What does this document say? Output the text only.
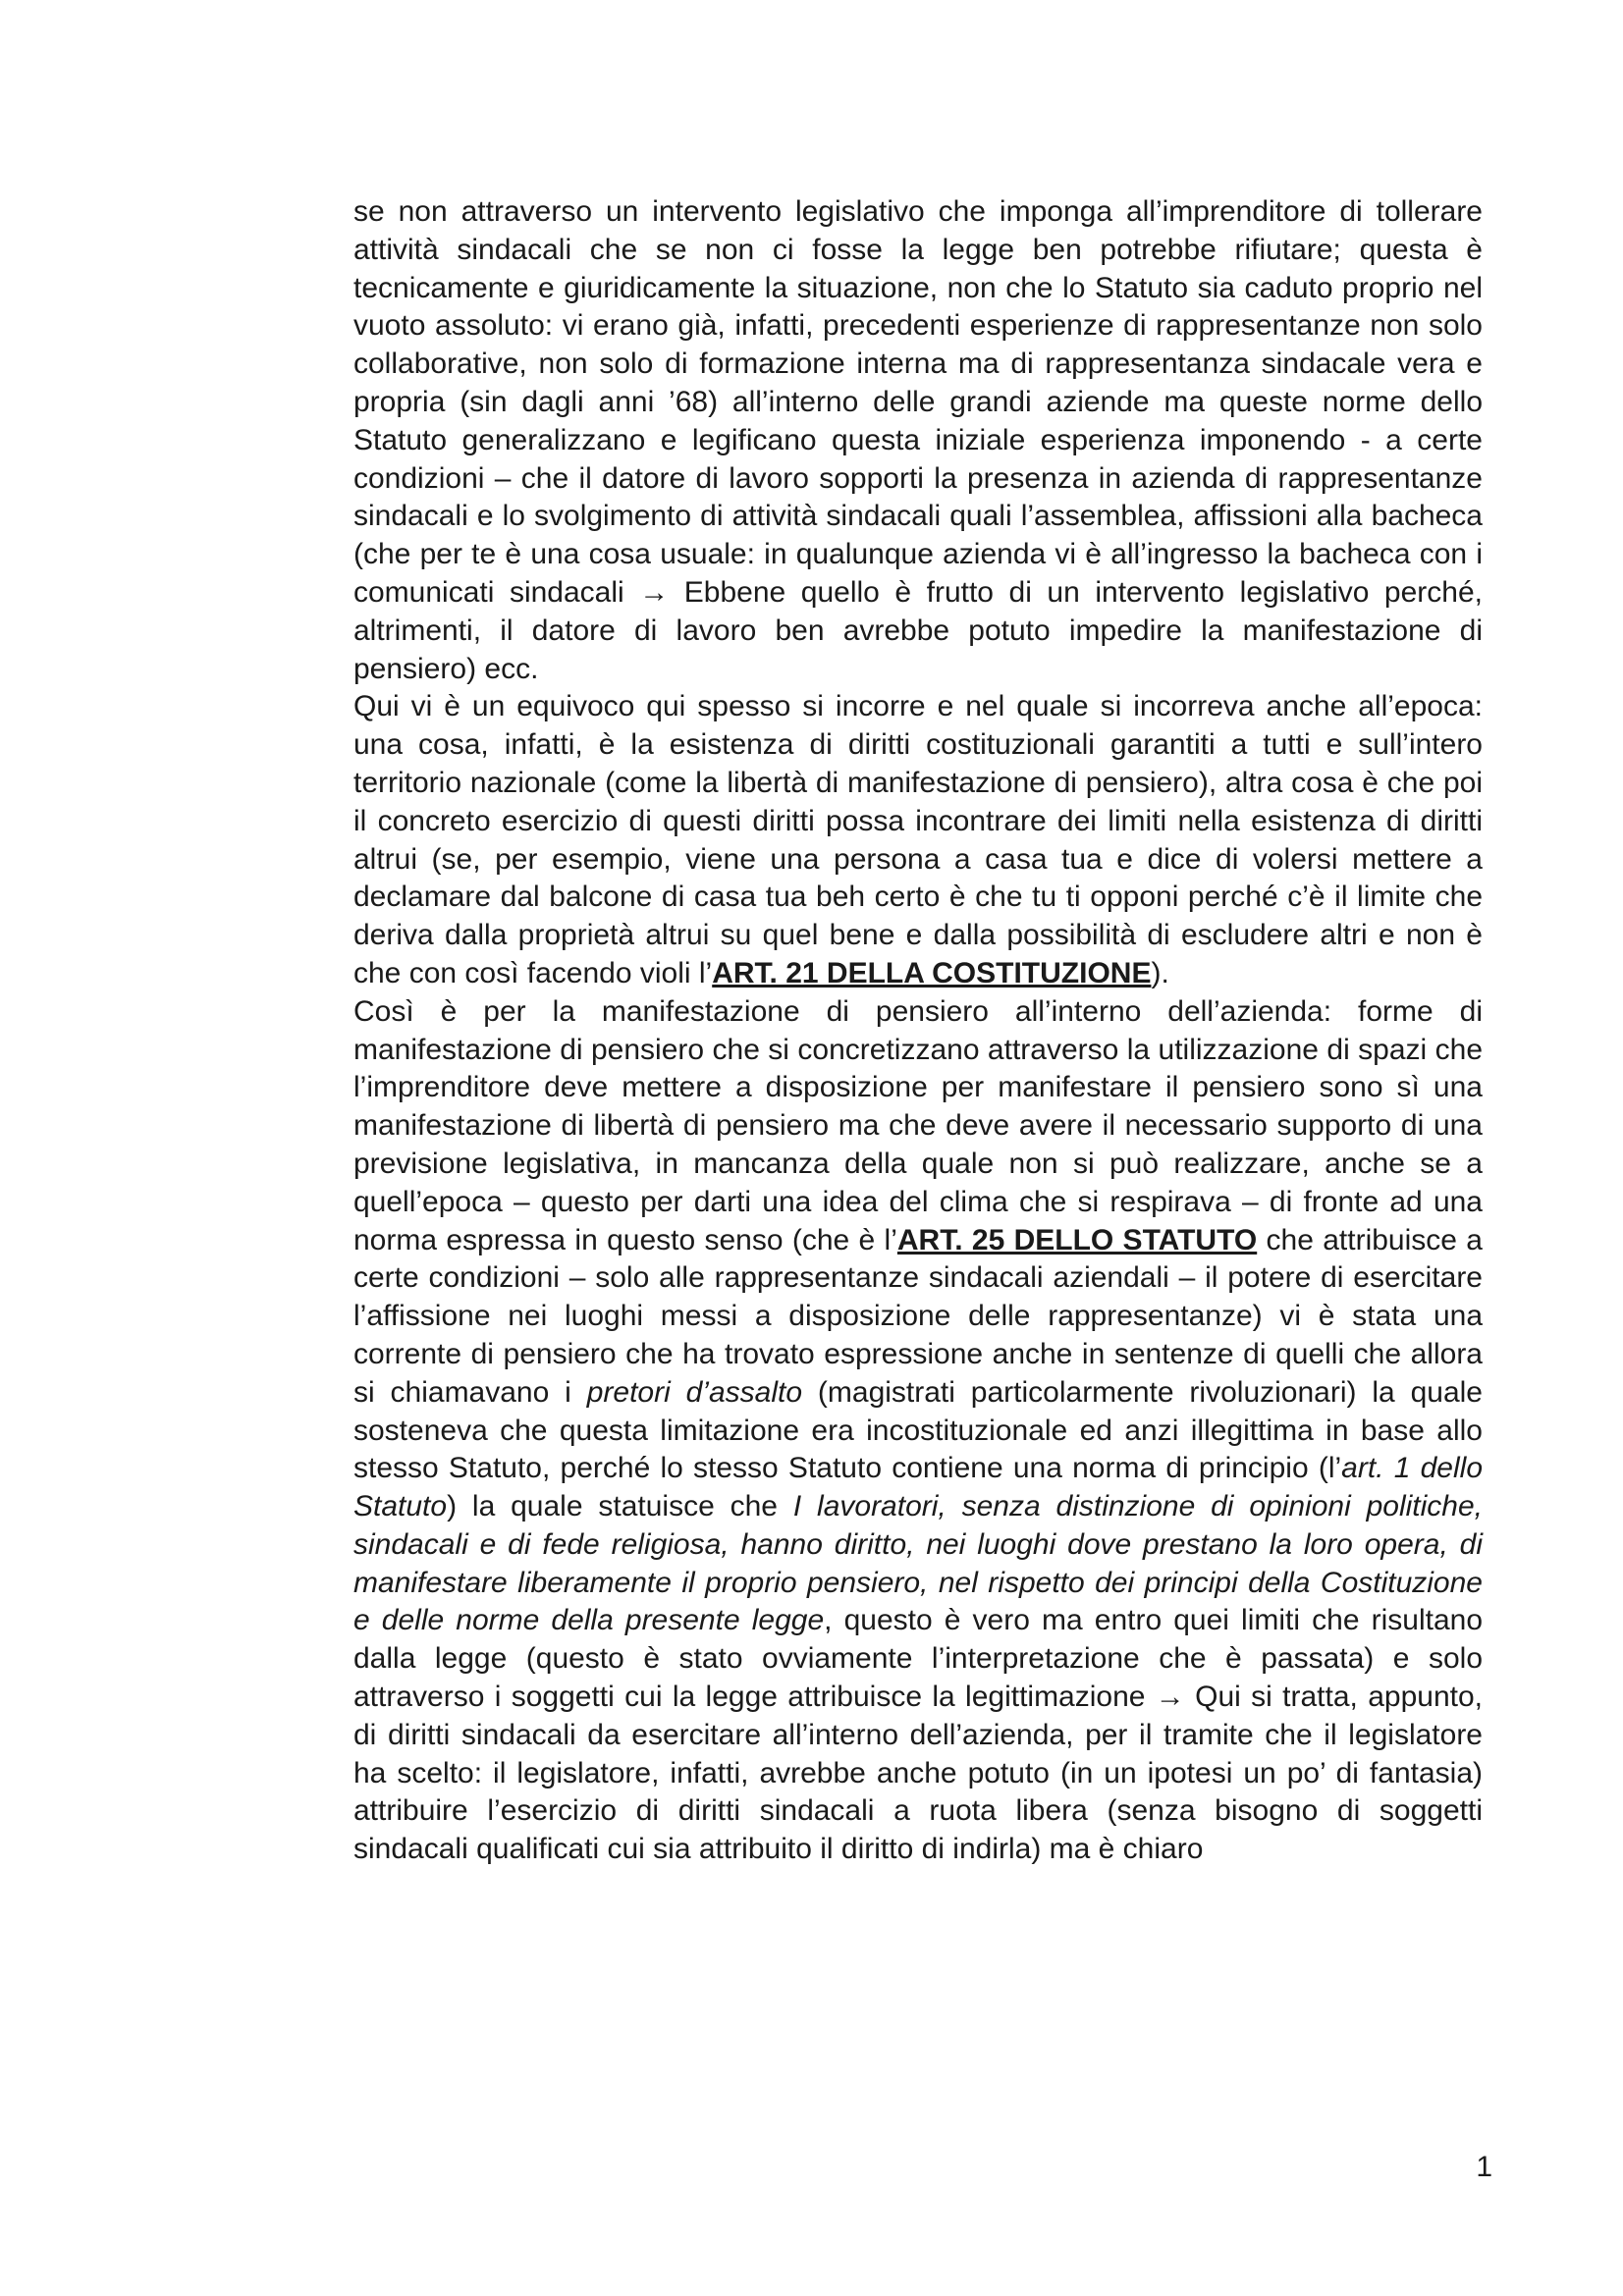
se non attraverso un intervento legislativo che imponga all’imprenditore di tollerare attività sindacali che se non ci fosse la legge ben potrebbe rifiutare; questa è tecnicamente e giuridicamente la situazione, non che lo Statuto sia caduto proprio nel vuoto assoluto: vi erano già, infatti, precedenti esperienze di rappresentanze non solo collaborative, non solo di formazione interna ma di rappresentanza sindacale vera e propria (sin dagli anni ’68) all’interno delle grandi aziende ma queste norme dello Statuto generalizzano e legificano questa iniziale esperienza imponendo - a certe condizioni – che il datore di lavoro sopporti la presenza in azienda di rappresentanze sindacali e lo svolgimento di attività sindacali quali l’assemblea, affissioni alla bacheca (che per te è una cosa usuale: in qualunque azienda vi è all’ingresso la bacheca con i comunicati sindacali → Ebbene quello è frutto di un intervento legislativo perché, altrimenti, il datore di lavoro ben avrebbe potuto impedire la manifestazione di pensiero) ecc.

Qui vi è un equivoco qui spesso si incorre e nel quale si incorreva anche all’epoca: una cosa, infatti, è la esistenza di diritti costituzionali garantiti a tutti e sull’intero territorio nazionale (come la libertà di manifestazione di pensiero), altra cosa è che poi il concreto esercizio di questi diritti possa incontrare dei limiti nella esistenza di diritti altrui (se, per esempio, viene una persona a casa tua e dice di volersi mettere a declamare dal balcone di casa tua beh certo è che tu ti opponi perché c’è il limite che deriva dalla proprietà altrui su quel bene e dalla possibilità di escludere altri e non è che con così facendo violi l’ART. 21 DELLA COSTITUZIONE).

Così è per la manifestazione di pensiero all’interno dell’azienda: forme di manifestazione di pensiero che si concretizzano attraverso la utilizzazione di spazi che l’imprenditore deve mettere a disposizione per manifestare il pensiero sono sì una manifestazione di libertà di pensiero ma che deve avere il necessario supporto di una previsione legislativa, in mancanza della quale non si può realizzare, anche se a quell’epoca – questo per darti una idea del clima che si respirava – di fronte ad una norma espressa in questo senso (che è l’ART. 25 DELLO STATUTO che attribuisce a certe condizioni – solo alle rappresentanze sindacali aziendali – il potere di esercitare l’affissione nei luoghi messi a disposizione delle rappresentanze) vi è stata una corrente di pensiero che ha trovato espressione anche in sentenze di quelli che allora si chiamavano i pretori d’assalto (magistrati particolarmente rivoluzionari) la quale sosteneva che questa limitazione era incostituzionale ed anzi illegittima in base allo stesso Statuto, perché lo stesso Statuto contiene una norma di principio (l’art. 1 dello Statuto) la quale statuisce che I lavoratori, senza distinzione di opinioni politiche, sindacali e di fede religiosa, hanno diritto, nei luoghi dove prestano la loro opera, di manifestare liberamente il proprio pensiero, nel rispetto dei principi della Costituzione e delle norme della presente legge, questo è vero ma entro quei limiti che risultano dalla legge (questo è stato ovviamente l’interpretazione che è passata) e solo attraverso i soggetti cui la legge attribuisce la legittimazione → Qui si tratta, appunto, di diritti sindacali da esercitare all’interno dell’azienda, per il tramite che il legislatore ha scelto: il legislatore, infatti, avrebbe anche potuto (in un ipotesi un po’ di fantasia) attribuire l’esercizio di diritti sindacali a ruota libera (senza bisogno di soggetti sindacali qualificati cui sia attribuito il diritto di indirla) ma è chiaro

1
